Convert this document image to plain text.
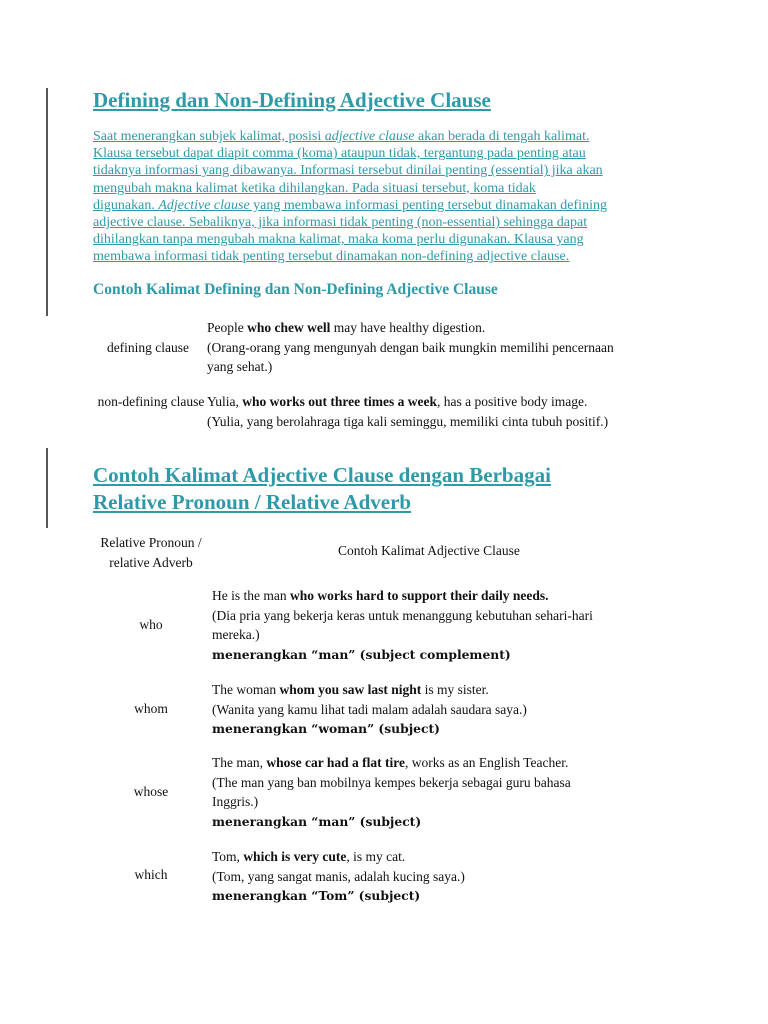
Defining dan Non-Defining Adjective Clause

Saat menerangkan subjek kalimat, posisi adjective clause akan berada di tengah kalimat.

Klausa tersebut dapat diapit comma (koma) ataupun tidak, tergantung pada penting atau

tidaknya informasi yang dibawanya. Informasi tersebut dinilai penting (essential) jika akan

mengubah makna kalimat ketika dihilangkan. Pada situasi tersebut, koma tidak

digunakan. Adjective clause yang membawa informasi penting tersebut dinamakan defining

adjective clause. Sebaliknya, jika informasi tidak penting (non-essential) sehingga dapat

dihilangkan tanpa mengubah makna kalimat, maka koma perlu digunakan. Klausa yang

membawa informasi tidak penting tersebut dinamakan non-defining adjective clause.

Contoh Kalimat Defining dan Non-Defining Adjective Clause
defining clause

People who chew well may have healthy digestion.

(Orang-orang yang mengunyah dengan baik mungkin memilihi pencernaan

yang sehat.)

non-defining clause Yulia, who works out three times a week, has a positive body image.

(Yulia, yang berolahraga tiga kali seminggu, memiliki cinta tubuh positif.)

Contoh Kalimat Adjective Clause dengan Berbagai

Relative Pronoun / Relative Adverb

Relative Pronoun / relative Adverb
Contoh Kalimat Adjective Clause
who

He is the man who works hard to support their daily needs.

(Dia pria yang bekerja keras untuk menanggung kebutuhan sehari-hari

mereka.)

menerangkan “man” (subject complement)

whom

The woman whom you saw last night is my sister.

(Wanita yang kamu lihat tadi malam adalah saudara saya.)

menerangkan “woman” (subject)

whose

The man, whose car had a flat tire, works as an English Teacher.

(The man yang ban mobilnya kempes bekerja sebagai guru bahasa

Inggris.)

menerangkan “man” (subject)

which

Tom, which is very cute, is my cat.

(Tom, yang sangat manis, adalah kucing saya.)

menerangkan “Tom” (subject)
